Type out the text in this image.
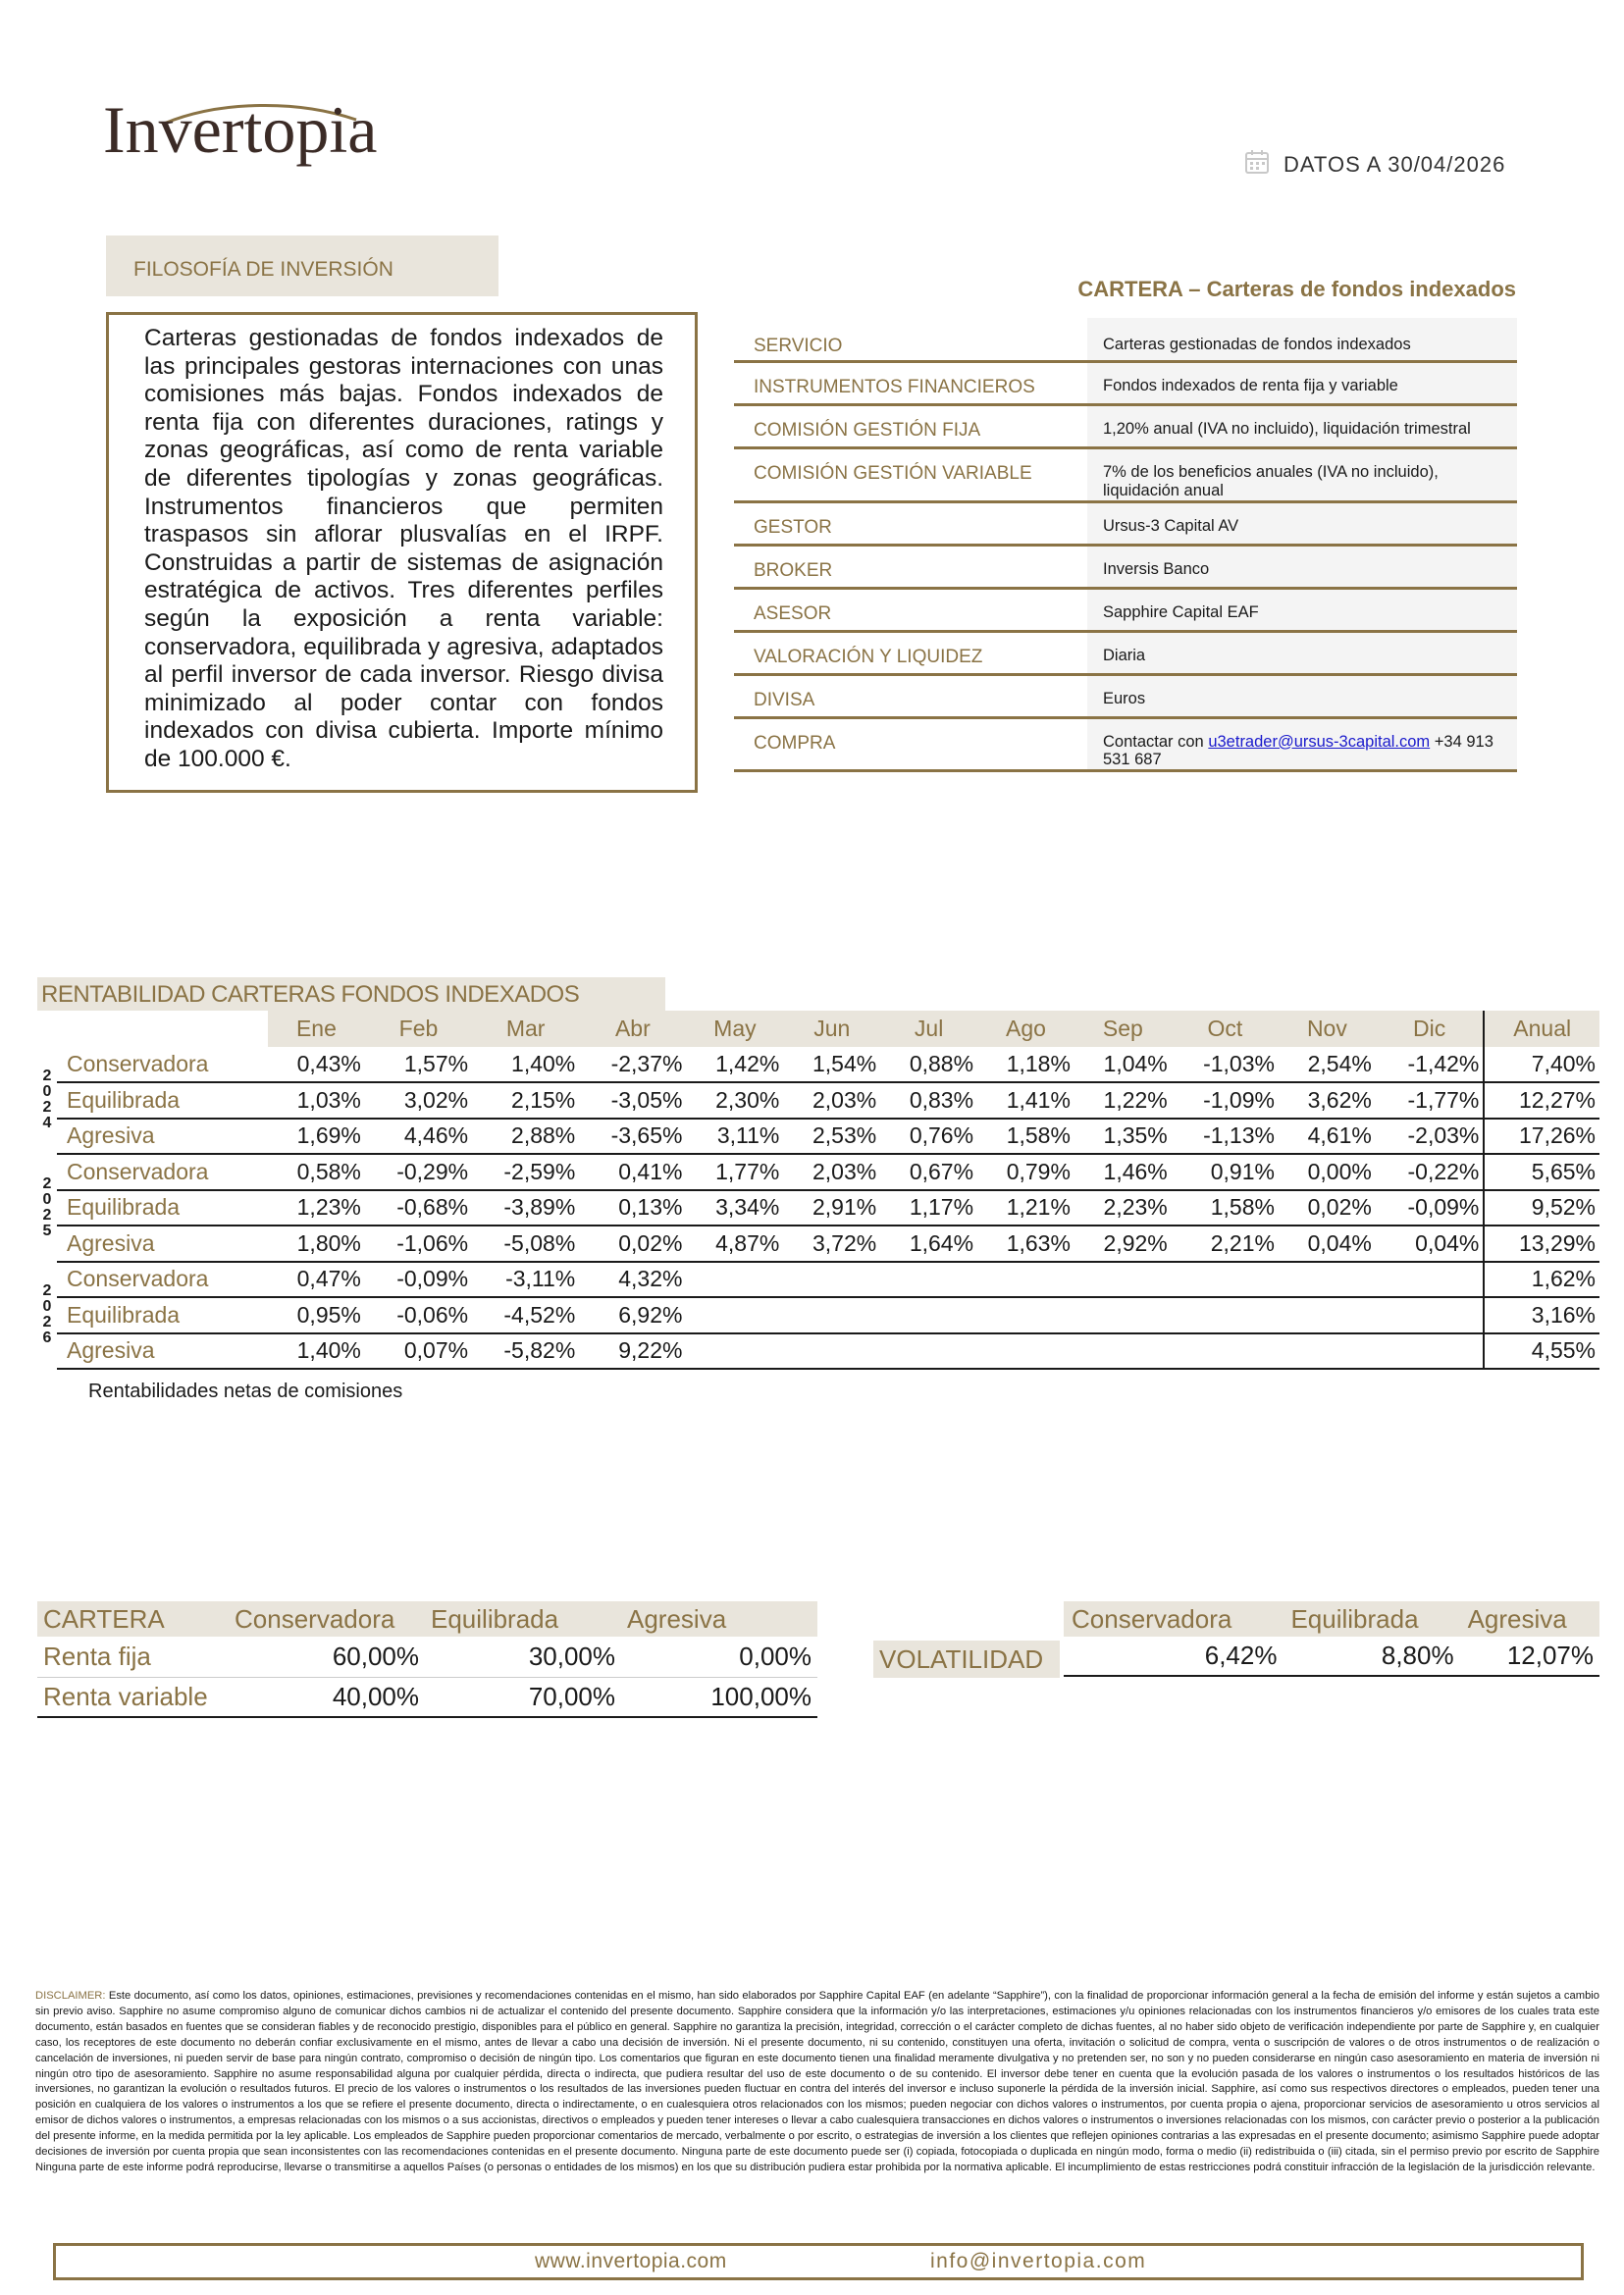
Invertopia	DATOS A 30/04/2026
FILOSOFÍA DE INVERSIÓN

Carteras gestionadas de fondos indexados de las principales gestoras internaciones con unas comisiones más bajas. Fondos indexados de renta fija con diferentes duraciones, ratings y zonas geográficas, así como de renta variable de diferentes tipologías y zonas geográficas. Instrumentos financieros que permiten traspasos sin aflorar plusvalías en el IRPF. Construidas a partir de sistemas de asignación estratégica de activos. Tres diferentes perfiles según la exposición a renta variable: conservadora, equilibrada y agresiva, adaptados al perfil inversor de cada inversor. Riesgo divisa minimizado al poder contar con fondos indexados con divisa cubierta. Importe mínimo de 100.000 €.

CARTERA – Carteras de fondos indexados
SERVICIO	Carteras gestionadas de fondos indexados
INSTRUMENTOS FINANCIEROS	Fondos indexados de renta fija y variable
COMISIÓN GESTIÓN FIJA	1,20% anual (IVA no incluido), liquidación trimestral
COMISIÓN GESTIÓN VARIABLE	7% de los beneficios anuales (IVA no incluido), liquidación anual
GESTOR	Ursus-3 Capital AV
BROKER	Inversis Banco
ASESOR	Sapphire Capital EAF
VALORACIÓN Y LIQUIDEZ	Diaria
DIVISA	Euros
COMPRA	Contactar con u3etrader@ursus-3capital.com +34 913 531 687
RENTABILIDAD CARTERAS FONDOS INDEXADOS
		Ene	Feb	Mar	Abr	May	Jun	Jul	Ago	Sep	Oct	Nov	Dic	Anual
2
0
2
4	Conservadora	0,43%	1,57%	1,40%	-2,37%	1,42%	1,54%	0,88%	1,18%	1,04%	-1,03%	2,54%	-1,42%	7,40%
	Equilibrada	1,03%	3,02%	2,15%	-3,05%	2,30%	2,03%	0,83%	1,41%	1,22%	-1,09%	3,62%	-1,77%	12,27%
	Agresiva	1,69%	4,46%	2,88%	-3,65%	3,11%	2,53%	0,76%	1,58%	1,35%	-1,13%	4,61%	-2,03%	17,26%
2
0
2
5	Conservadora	0,58%	-0,29%	-2,59%	0,41%	1,77%	2,03%	0,67%	0,79%	1,46%	0,91%	0,00%	-0,22%	5,65%
	Equilibrada	1,23%	-0,68%	-3,89%	0,13%	3,34%	2,91%	1,17%	1,21%	2,23%	1,58%	0,02%	-0,09%	9,52%
	Agresiva	1,80%	-1,06%	-5,08%	0,02%	4,87%	3,72%	1,64%	1,63%	2,92%	2,21%	0,04%	0,04%	13,29%
2
0
2
6	Conservadora	0,47%	-0,09%	-3,11%	4,32%									1,62%
	Equilibrada	0,95%	-0,06%	-4,52%	6,92%									3,16%
	Agresiva	1,40%	0,07%	-5,82%	9,22%									4,55%
Rentabilidades netas de comisiones
CARTERA	Conservadora	Equilibrada	Agresiva
Renta fija	60,00%	30,00%	0,00%
Renta variable	40,00%	70,00%	100,00%
VOLATILIDAD
Conservadora	Equilibrada	Agresiva
6,42%	8,80%	12,07%

DISCLAIMER: Este documento, así como los datos, opiniones, estimaciones, previsiones y recomendaciones contenidas en el mismo, han sido elaborados por Sapphire Capital EAF (en adelante “Sapphire”), con la finalidad de proporcionar información general a la fecha de emisión del informe y están sujetos a cambio sin previo aviso. Sapphire no asume compromiso alguno de comunicar dichos cambios ni de actualizar el contenido del presente documento. Sapphire considera que la información y/o las interpretaciones, estimaciones y/u opiniones relacionadas con los instrumentos financieros y/o emisores de los cuales trata este documento, están basados en fuentes que se consideran fiables y de reconocido prestigio, disponibles para el público en general. Sapphire no garantiza la precisión, integridad, corrección o el carácter completo de dichas fuentes, al no haber sido objeto de verificación independiente por parte de Sapphire y, en cualquier caso, los receptores de este documento no deberán confiar exclusivamente en el mismo, antes de llevar a cabo una decisión de inversión. Ni el presente documento, ni su contenido, constituyen una oferta, invitación o solicitud de compra, venta o suscripción de valores o de otros instrumentos o de realización o cancelación de inversiones, ni pueden servir de base para ningún contrato, compromiso o decisión de ningún tipo. Los comentarios que figuran en este documento tienen una finalidad meramente divulgativa y no pretenden ser, no son y no pueden considerarse en ningún caso asesoramiento en materia de inversión ni ningún otro tipo de asesoramiento. Sapphire no asume responsabilidad alguna por cualquier pérdida, directa o indirecta, que pudiera resultar del uso de este documento o de su contenido. El inversor debe tener en cuenta que la evolución pasada de los valores o instrumentos o los resultados históricos de las inversiones, no garantizan la evolución o resultados futuros. El precio de los valores o instrumentos o los resultados de las inversiones pueden fluctuar en contra del interés del inversor e incluso suponerle la pérdida de la inversión inicial. Sapphire, así como sus respectivos directores o empleados, pueden tener una posición en cualquiera de los valores o instrumentos a los que se refiere el presente documento, directa o indirectamente, o en cualesquiera otros relacionados con los mismos; pueden negociar con dichos valores o instrumentos, por cuenta propia o ajena, proporcionar servicios de asesoramiento u otros servicios al emisor de dichos valores o instrumentos, a empresas relacionadas con los mismos o a sus accionistas, directivos o empleados y pueden tener intereses o llevar a cabo cualesquiera transacciones en dichos valores o instrumentos o inversiones relacionadas con los mismos, con carácter previo o posterior a la publicación del presente informe, en la medida permitida por la ley aplicable. Los empleados de Sapphire pueden proporcionar comentarios de mercado, verbalmente o por escrito, o estrategias de inversión a los clientes que reflejen opiniones contrarias a las expresadas en el presente documento; asimismo Sapphire puede adoptar decisiones de inversión por cuenta propia que sean inconsistentes con las recomendaciones contenidas en el presente documento. Ninguna parte de este documento puede ser (i) copiada, fotocopiada o duplicada en ningún modo, forma o medio (ii) redistribuida o (iii) citada, sin el permiso previo por escrito de Sapphire Ninguna parte de este informe podrá reproducirse, llevarse o transmitirse a aquellos Países (o personas o entidades de los mismos) en los que su distribución pudiera estar prohibida por la normativa aplicable. El incumplimiento de estas restricciones podrá constituir infracción de la legislación de la jurisdicción relevante.

www.invertopia.com	info@invertopia.com
